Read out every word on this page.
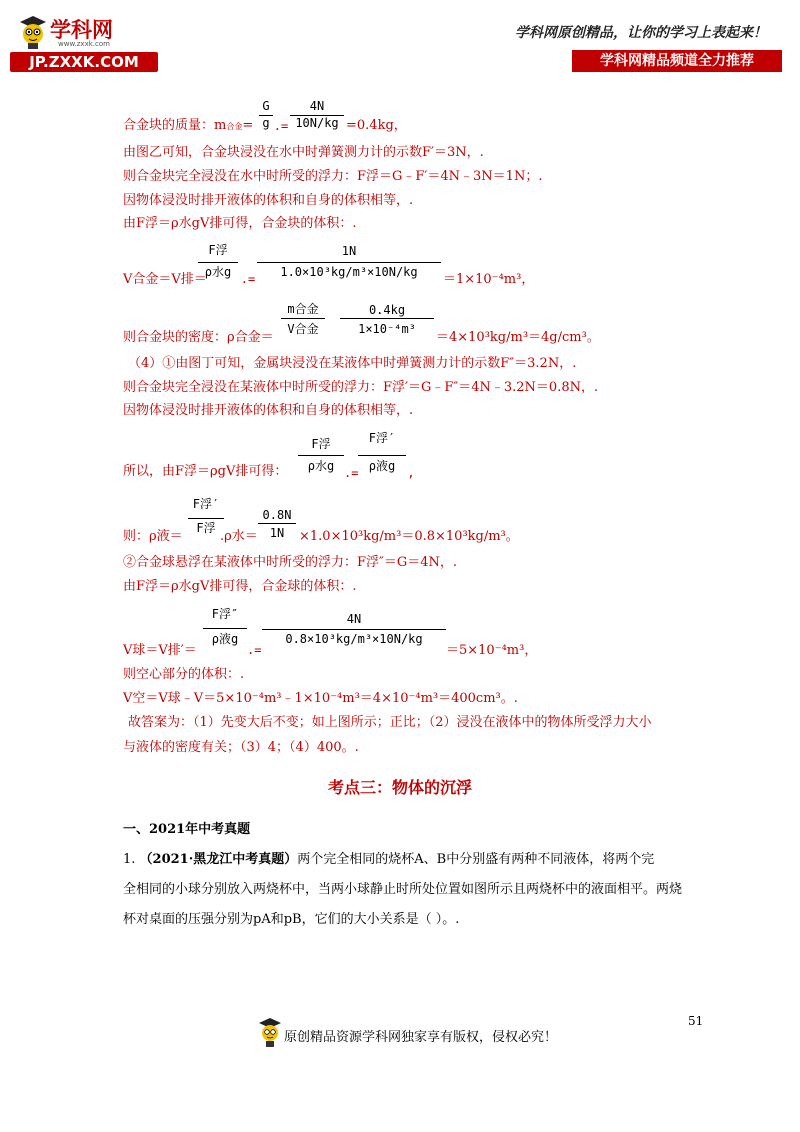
学科网
www.zxxk.com
JP.ZXXK.COM
学科网原创精品，让你的学习上表起来！
学科网精品频道全力推荐
合金块的质量：m合金=
G
g .=
4N
10N/kg =0.4kg，
由图乙可知，合金块浸没在水中时弹簧测力计的示数F′＝3N，.
则合金块完全浸没在水中时所受的浮力：F浮＝G﹣F′＝4N﹣3N＝1N；.
因物体浸没时排开液体的体积和自身的体积相等，.
由F浮＝ρ水gV排可得，合金块的体积：.
V合金＝V排＝
F浮
ρ水g .=
1N
1.0×10³kg/m³×10N/kg	＝1×10⁻⁴m³，
则合金块的密度：ρ合金＝
m合金
V合金
0.4kg
1×10⁻⁴m³
＝4×10³kg/m³＝4g/cm³。
（4）①由图丁可知，金属块浸没在某液体中时弹簧测力计的示数F″＝3.2N，.
则合金块完全浸没在某液体中时所受的浮力：F浮′＝G﹣F″＝4N﹣3.2N＝0.8N，.
因物体浸没时排开液体的体积和自身的体积相等，.
所以，由F浮＝ρgV排可得：
F浮
ρ水g .=
F浮′
ρ液g	,
则：ρ液＝
F浮′
F浮
.ρ水＝
0.8N
1N	×1.0×10³kg/m³＝0.8×10³kg/m³。
②合金球悬浮在某液体中时所受的浮力：F浮″＝G＝4N，.
由F浮＝ρ水gV排可得，合金球的体积：.
V球＝V排′＝
F浮″
ρ液g
.=
4N
0.8×10³kg/m³×10N/kg
＝5×10⁻⁴m³，
则空心部分的体积：.
V空＝V球﹣V＝5×10⁻⁴m³﹣1×10⁻⁴m³＝4×10⁻⁴m³＝400cm³。.
故答案为：（1）先变大后不变；如上图所示；正比；（2）浸没在液体中的物体所受浮力大小
与液体的密度有关；（3）4；（4）400。.
考点三：物体的沉浮
一、2021年中考真题
1. （2021·黑龙江中考真题）两个完全相同的烧杯A、B中分别盛有两种不同液体，将两个完
全相同的小球分别放入两烧杯中，当两小球静止时所处位置如图所示且两烧杯中的液面相平。两烧
杯对桌面的压强分别为pA和pB，它们的大小关系是（ ）。.
51
原创精品资源学科网独家享有版权，侵权必究！
